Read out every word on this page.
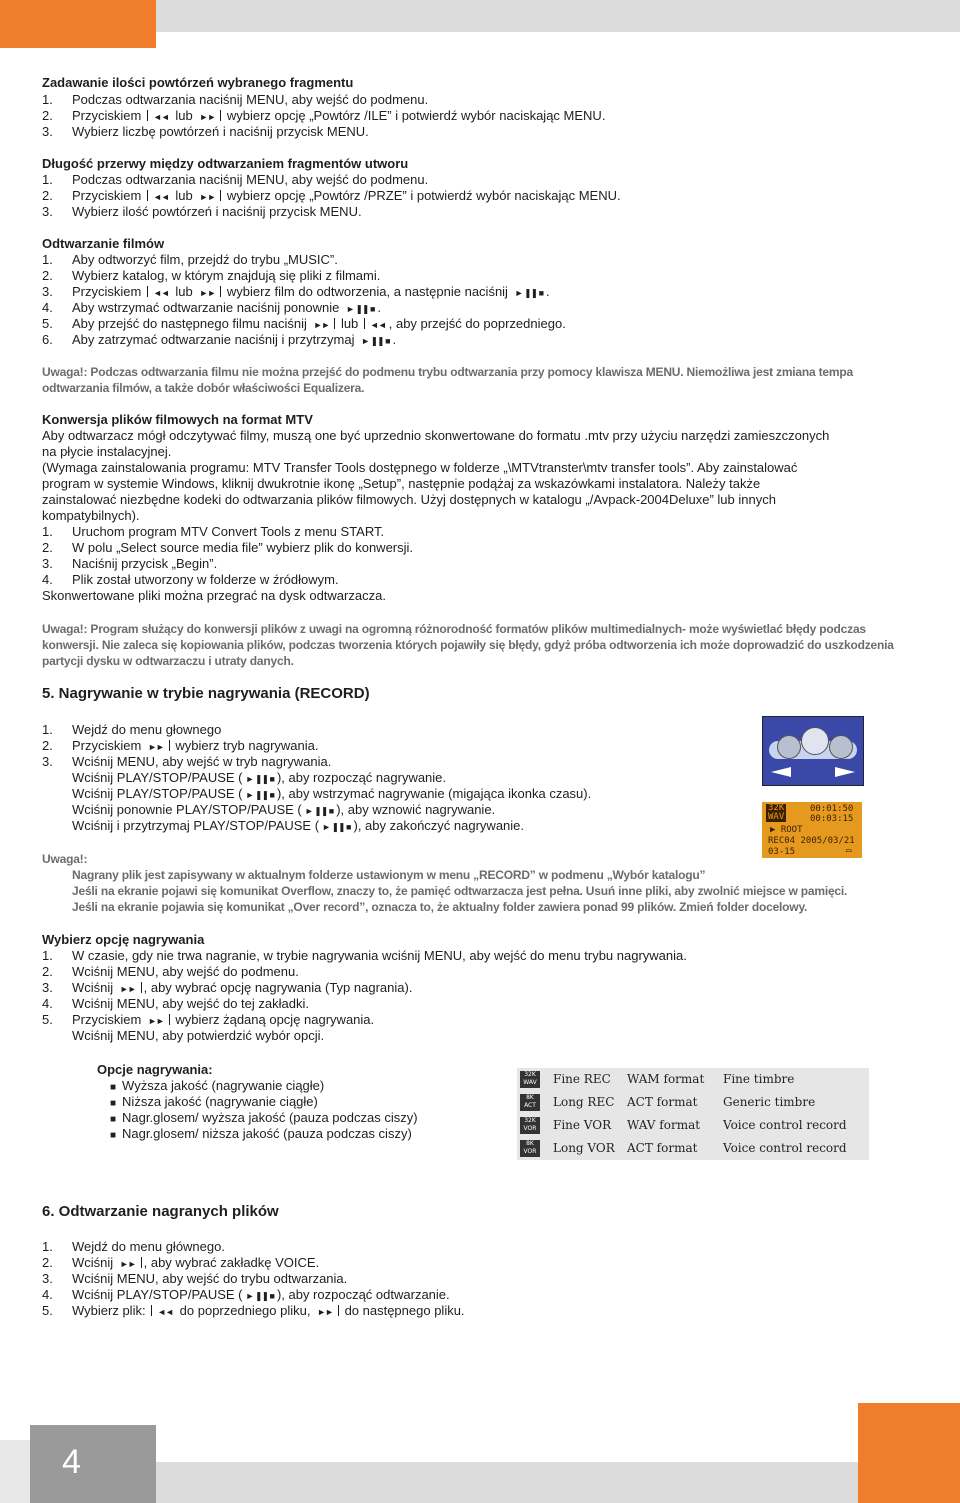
Zadawanie ilości powtórzeń wybranego fragmentu
1. Podczas odtwarzania naciśnij MENU, aby wejść do podmenu.
2. Przyciskiem ◄◄ lub ►► wybierz opcję „Powtórz /ILE” i potwierdź wybór naciskając MENU.
3. Wybierz liczbę powtórzeń i naciśnij przycisk MENU.
Długość przerwy między odtwarzaniem fragmentów utworu
1. Podczas odtwarzania naciśnij MENU, aby wejść do podmenu.
2. Przyciskiem ◄◄ lub ►► wybierz opcję „Powtórz /PRZE” i potwierdź wybór naciskając MENU.
3. Wybierz ilość powtórzeń i naciśnij przycisk MENU.
Odtwarzanie filmów
1. Aby odtworzyć film, przejdź do trybu „MUSIC”.
2. Wybierz katalog, w którym znajdują się pliki z filmami.
3. Przyciskiem ◄◄ lub ►► wybierz film do odtworzenia, a następnie naciśnij ► ❚❚ ■ .
4. Aby wstrzymać odtwarzanie naciśnij ponownie ► ❚❚ ■ .
5. Aby przejść do następnego filmu naciśnij ►► lub ◄◄ , aby przejść do poprzedniego.
6. Aby zatrzymać odtwarzanie naciśnij i przytrzymaj ► ❚❚ ■ .
Uwaga!: Podczas odtwarzania filmu nie można przejść do podmenu trybu odtwarzania przy pomocy klawisza MENU. Niemożliwa jest zmiana tempa
odtwarzania filmów, a także dobór właściwości Equalizera.
Konwersja plików filmowych na format MTV
Aby odtwarzacz mógł odczytywać filmy, muszą one być uprzednio skonwertowane do formatu .mtv przy użyciu narzędzi zamieszczonych
na płycie instalacyjnej.
(Wymaga zainstalowania programu: MTV Transfer Tools dostępnego w folderze „\MTVtranster\mtv transfer tools”. Aby zainstalować
program w systemie Windows, kliknij dwukrotnie ikonę „Setup”, następnie podążaj za wskazówkami instalatora. Należy także
zainstalować niezbędne kodeki do odtwarzania plików filmowych. Użyj dostępnych w katalogu „/Avpack-2004Deluxe” lub innych
kompatybilnych).
1. Uruchom program MTV Convert Tools z menu START.
2. W polu „Select source media file” wybierz plik do konwersji.
3. Naciśnij przycisk „Begin”.
4. Plik został utworzony w folderze w źródłowym.
Skonwertowane pliki można przegrać na dysk odtwarzacza.
Uwaga!: Program służący do konwersji plików z uwagi na ogromną różnorodność formatów plików multimedialnych- może wyświetlać błędy podczas
konwersji. Nie zaleca się kopiowania plików, podczas tworzenia których pojawiły się błędy, gdyż próba odtworzenia ich może doprowadzić do uszkodzenia
partycji dysku w odtwarzaczu i utraty danych.
5. Nagrywanie w trybie nagrywania (RECORD)
1. Wejdź do menu głownego
2. Przyciskiem ►► wybierz tryb nagrywania.
3. Wciśnij MENU, aby wejść w tryb nagrywania.
Wciśnij PLAY/STOP/PAUSE ( ► ❚❚ ■ ), aby rozpocząć nagrywanie.
Wciśnij PLAY/STOP/PAUSE ( ► ❚❚ ■ ), aby wstrzymać nagrywanie (migająca ikonka czasu).
Wciśnij ponownie PLAY/STOP/PAUSE ( ► ❚❚ ■ ), aby wznowić nagrywanie.
Wciśnij i przytrzymaj PLAY/STOP/PAUSE ( ► ❚❚ ■ ), aby zakończyć nagrywanie.
32K
WAV
00:01:50
00:03:15
▶ ROOT
REC04 2005/03/21
03-15	▭
Uwaga!:
Nagrany plik jest zapisywany w aktualnym folderze ustawionym w menu „RECORD” w podmenu „Wybór katalogu”
Jeśli na ekranie pojawi się komunikat Overflow, znaczy to, że pamięć odtwarzacza jest pełna. Usuń inne pliki, aby zwolnić miejsce w pamięci.
Jeśli na ekranie pojawia się komunikat „Over record”, oznacza to, że aktualny folder zawiera ponad 99 plików. Zmień folder docelowy.
Wybierz opcję nagrywania
1. W czasie, gdy nie trwa nagranie, w trybie nagrywania wciśnij MENU, aby wejść do menu trybu nagrywania.
2. Wciśnij MENU, aby wejść do podmenu.
3. Wciśnij ►► , aby wybrać opcję nagrywania (Typ nagrania).
4. Wciśnij MENU, aby wejść do tej zakładki.
5. Przyciskiem ►► wybierz żądaną opcję nagrywania.
Wciśnij MENU, aby potwierdzić wybór opcji.
Opcje nagrywania:
■ Wyższa jakość (nagrywanie ciągłe)
■ Niższa jakość (nagrywanie ciągłe)
■ Nagr.glosem/ wyższa jakość (pauza podczas ciszy)
■ Nagr.glosem/ niższa jakość (pauza podczas ciszy)
32K
WAV Fine REC WAM format Fine timbre
8K
ACT	Long REC ACT format Generic timbre
32K
VOR Fine VOR WAV format Voice control record
8K
VOR Long VOR ACT format Voice control record
6. Odtwarzanie nagranych plików
1. Wejdź do menu głównego.
2. Wciśnij ►► , aby wybrać zakładkę VOICE.
3. Wciśnij MENU, aby wejść do trybu odtwarzania.
4. Wciśnij PLAY/STOP/PAUSE ( ► ❚❚ ■ ), aby rozpocząć odtwarzanie.
5. Wybierz plik: ◄◄ do poprzedniego pliku, ►► do następnego pliku.
4
